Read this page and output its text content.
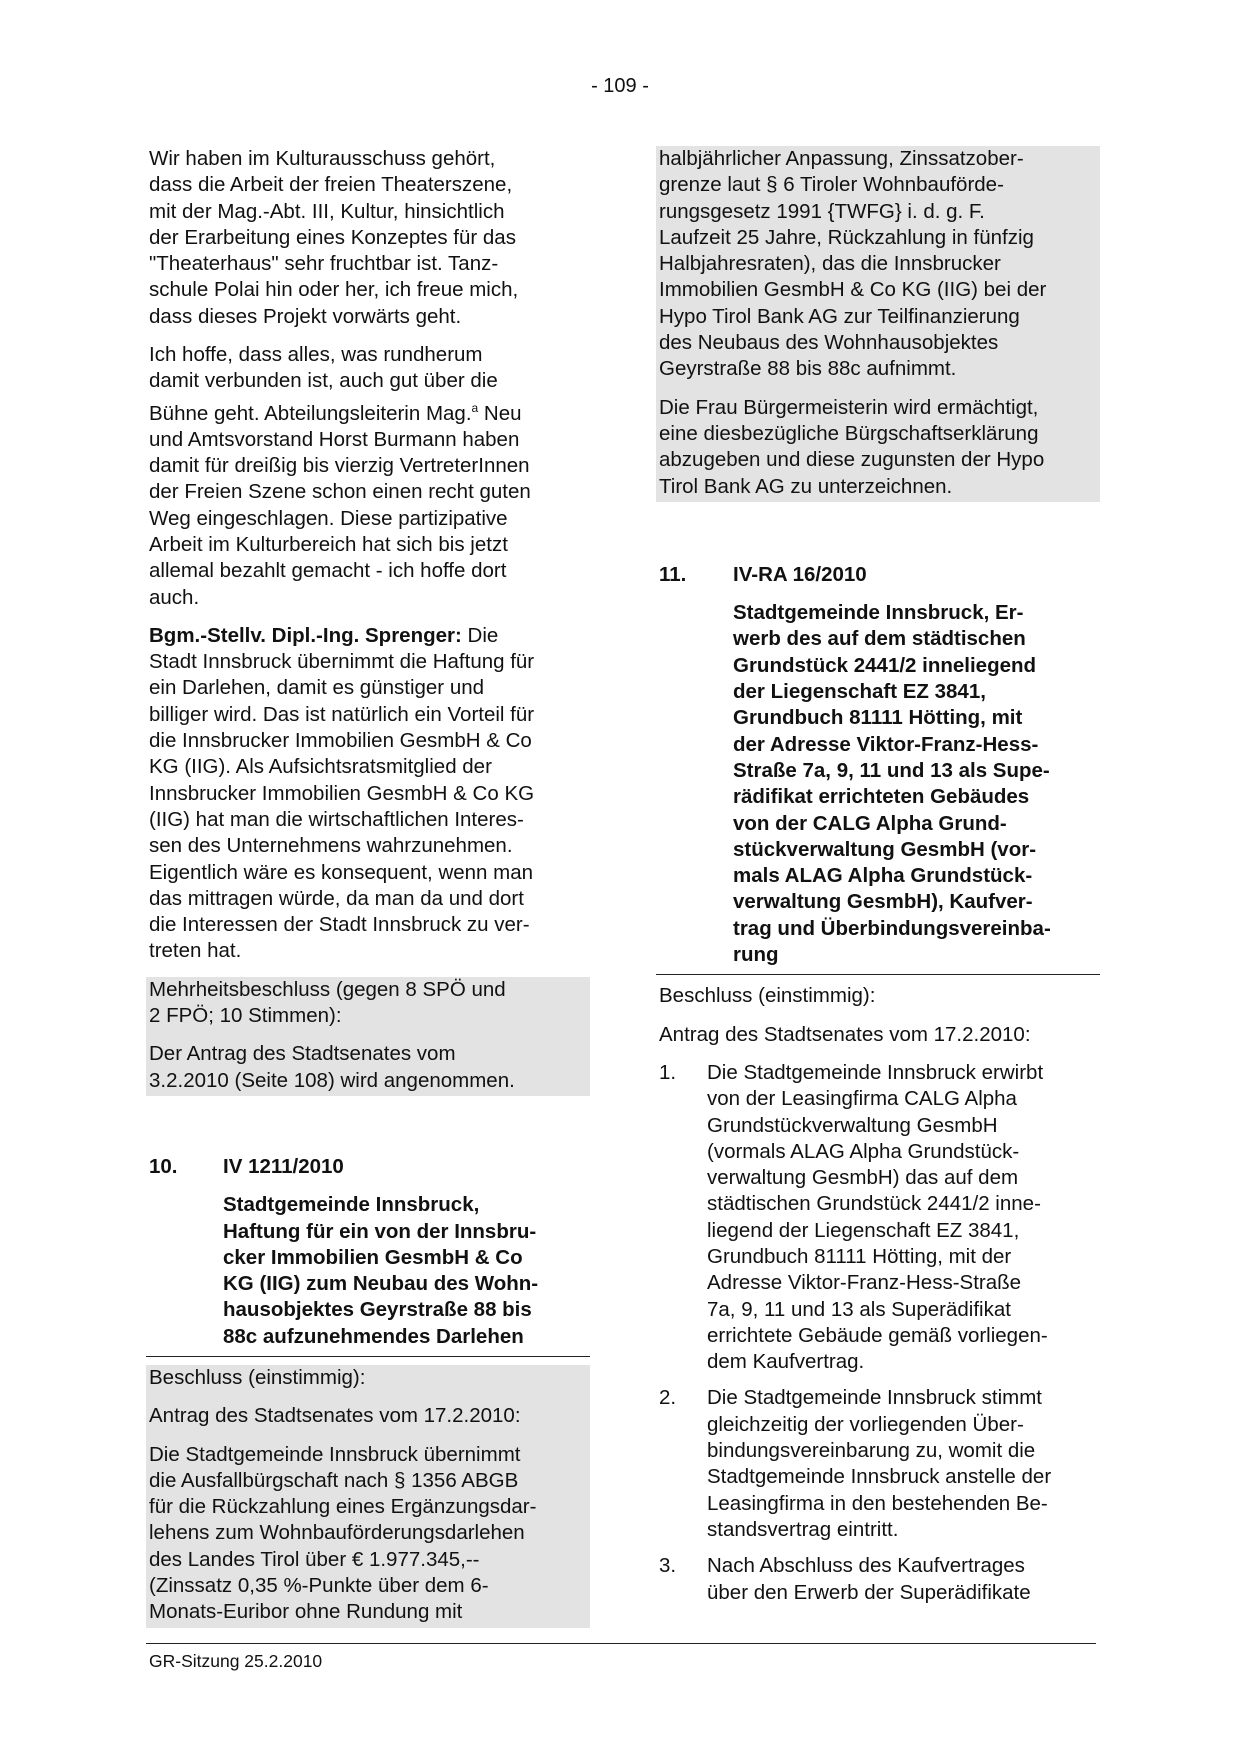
- 109 -

Wir haben im Kulturausschuss gehört,
dass die Arbeit der freien Theaterszene,
mit der Mag.-Abt. III, Kultur, hinsichtlich
der Erarbeitung eines Konzeptes für das
"Theaterhaus" sehr fruchtbar ist. Tanz-
schule Polai hin oder her, ich freue mich,
dass dieses Projekt vorwärts geht.

Ich hoffe, dass alles, was rundherum
damit verbunden ist, auch gut über die
Bühne geht. Abteilungsleiterin Mag.$^a$ Neu
und Amtsvorstand Horst Burmann haben
damit für dreißig bis vierzig VertreterInnen
der Freien Szene schon einen recht guten
Weg eingeschlagen. Diese partizipative
Arbeit im Kulturbereich hat sich bis jetzt
allemal bezahlt gemacht - ich hoffe dort
auch.

Bgm.-Stellv. Dipl.-Ing. Sprenger: Die
Stadt Innsbruck übernimmt die Haftung für
ein Darlehen, damit es günstiger und
billiger wird. Das ist natürlich ein Vorteil für
die Innsbrucker Immobilien GesmbH & Co
KG (IIG). Als Aufsichtsratsmitglied der
Innsbrucker Immobilien GesmbH & Co KG
(IIG) hat man die wirtschaftlichen Interes-
sen des Unternehmens wahrzunehmen.
Eigentlich wäre es konsequent, wenn man
das mittragen würde, da man da und dort
die Interessen der Stadt Innsbruck zu ver-
treten hat.

Mehrheitsbeschluss (gegen 8 SPÖ und
2 FPÖ; 10 Stimmen):

Der Antrag des Stadtsenates vom
3.2.2010 (Seite 108) wird angenommen.

10.	IV 1211/2010
Stadtgemeinde Innsbruck,
Haftung für ein von der Innsbru-
cker Immobilien GesmbH & Co
KG (IIG) zum Neubau des Wohn-
hausobjektes Geyrstraße 88 bis
88c aufzunehmendes Darlehen

Beschluss (einstimmig):

Antrag des Stadtsenates vom 17.2.2010:

Die Stadtgemeinde Innsbruck übernimmt
die Ausfallbürgschaft nach § 1356 ABGB
für die Rückzahlung eines Ergänzungsdar-
lehens zum Wohnbauförderungsdarlehen
des Landes Tirol über € 1.977.345,--
(Zinssatz 0,35 %-Punkte über dem 6-
Monats-Euribor ohne Rundung mit

halbjährlicher Anpassung, Zinssatzober-
grenze laut § 6 Tiroler Wohnbauförde-
rungsgesetz 1991 {TWFG} i. d. g. F.
Laufzeit 25 Jahre, Rückzahlung in fünfzig
Halbjahresraten), das die Innsbrucker
Immobilien GesmbH & Co KG (IIG) bei der
Hypo Tirol Bank AG zur Teilfinanzierung
des Neubaus des Wohnhausobjektes
Geyrstraße 88 bis 88c aufnimmt.

Die Frau Bürgermeisterin wird ermächtigt,
eine diesbezügliche Bürgschaftserklärung
abzugeben und diese zugunsten der Hypo
Tirol Bank AG zu unterzeichnen.

11.	IV-RA 16/2010
Stadtgemeinde Innsbruck, Er-
werb des auf dem städtischen
Grundstück 2441/2 inneliegend
der Liegenschaft EZ 3841,
Grundbuch 81111 Hötting, mit
der Adresse Viktor-Franz-Hess-
Straße 7a, 9, 11 und 13 als Supe-
rädifikat errichteten Gebäudes
von der CALG Alpha Grund-
stückverwaltung GesmbH (vor-
mals ALAG Alpha Grundstück-
verwaltung GesmbH), Kaufver-
trag und Überbindungsvereinba-
rung

Beschluss (einstimmig):

Antrag des Stadtsenates vom 17.2.2010:

1.	Die Stadtgemeinde Innsbruck erwirbt
von der Leasingfirma CALG Alpha
Grundstückverwaltung GesmbH
(vormals ALAG Alpha Grundstück-
verwaltung GesmbH) das auf dem
städtischen Grundstück 2441/2 inne-
liegend der Liegenschaft EZ 3841,
Grundbuch 81111 Hötting, mit der
Adresse Viktor-Franz-Hess-Straße
7a, 9, 11 und 13 als Superädifikat
errichtete Gebäude gemäß vorliegen-
dem Kaufvertrag.
2.	Die Stadtgemeinde Innsbruck stimmt
gleichzeitig der vorliegenden Über-
bindungsvereinbarung zu, womit die
Stadtgemeinde Innsbruck anstelle der
Leasingfirma in den bestehenden Be-
standsvertrag eintritt.
3.	Nach Abschluss des Kaufvertrages
über den Erwerb der Superädifikate
GR-Sitzung 25.2.2010
